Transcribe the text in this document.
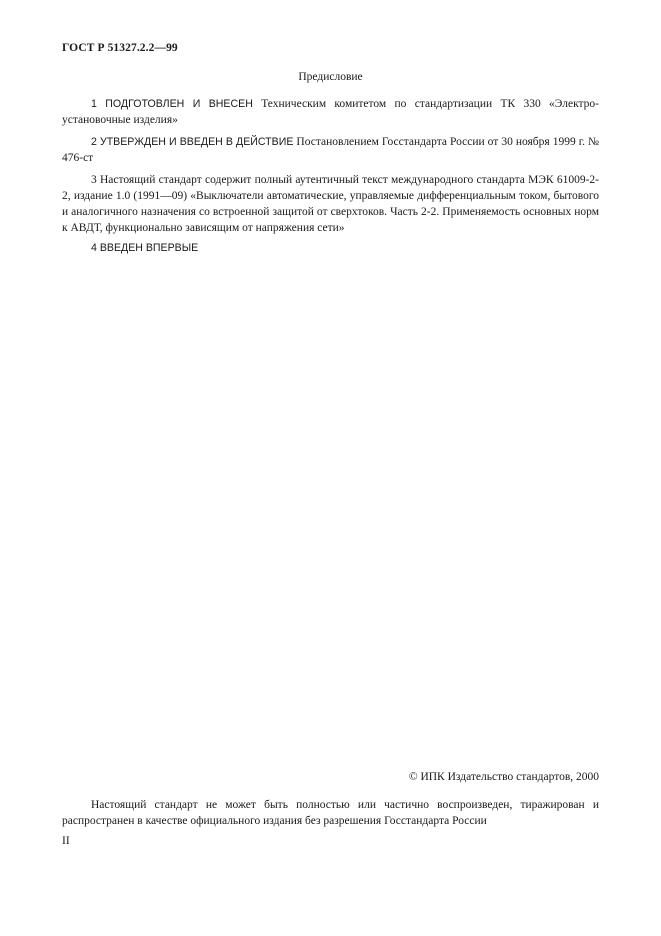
ГОСТ Р 51327.2.2—99
Предисловие
1 ПОДГОТОВЛЕН И ВНЕСЕН Техническим комитетом по стандартизации ТК 330 «Электро-установочные изделия»
2 УТВЕРЖДЕН И ВВЕДЕН В ДЕЙСТВИЕ Постановлением Госстандарта России от 30 ноября 1999 г. № 476-ст
3 Настоящий стандарт содержит полный аутентичный текст международного стандарта МЭК 61009-2-2, издание 1.0 (1991—09) «Выключатели автоматические, управляемые дифференциальным током, бытового и аналогичного назначения со встроенной защитой от сверхтоков. Часть 2-2. Применяемость основных норм к АВДТ, функционально зависящим от напряжения сети»
4 ВВЕДЕН ВПЕРВЫЕ
© ИПК Издательство стандартов, 2000
Настоящий стандарт не может быть полностью или частично воспроизведен, тиражирован и распространен в качестве официального издания без разрешения Госстандарта России
II
